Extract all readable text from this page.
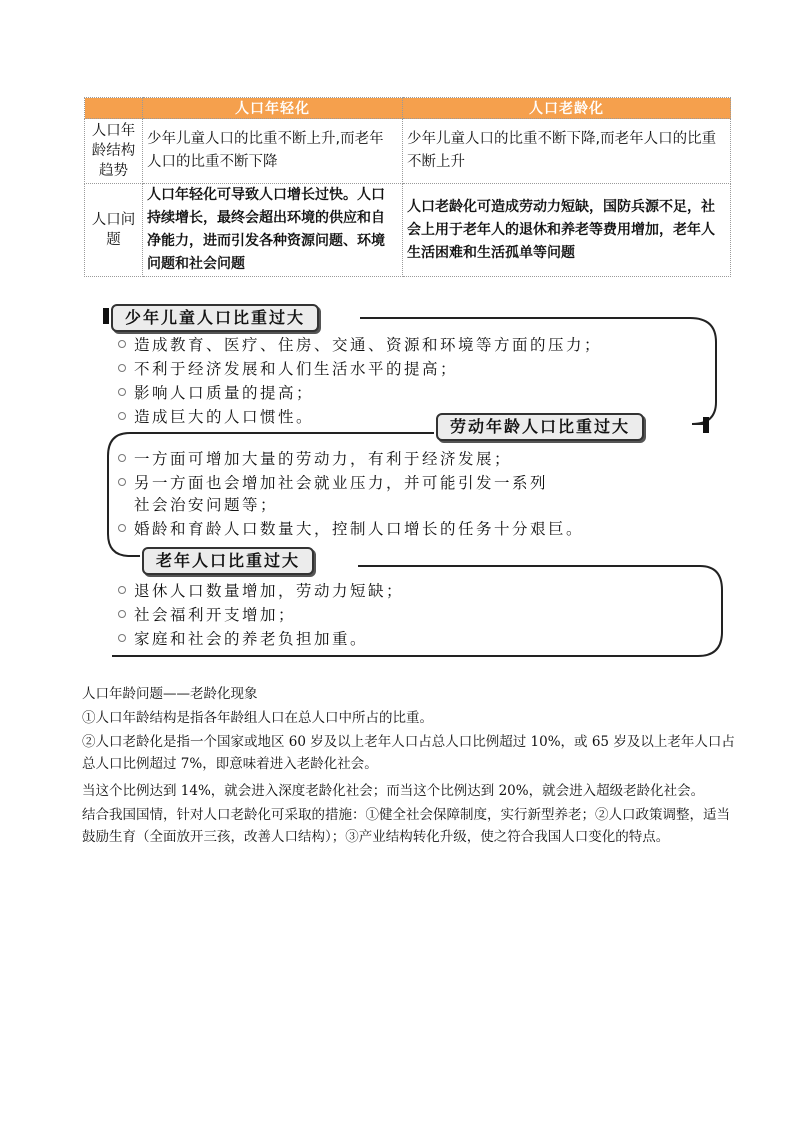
	人口年轻化	人口老龄化
人口年龄结构趋势	少年儿童人口的比重不断上升,而老年人口的比重不断下降	少年儿童人口的比重不断下降,而老年人口的比重不断上升
人口问题	人口年轻化可导致人口增长过快。人口持续增长，最终会超出环境的供应和自净能力，进而引发各种资源问题、环境问题和社会问题	人口老龄化可造成劳动力短缺，国防兵源不足，社会上用于老年人的退休和养老等费用增加，老年人生活困难和生活孤单等问题
少年儿童人口比重过大
劳动年龄人口比重过大
老年人口比重过大
造成教育、医疗、住房、交通、资源和环境等方面的压力；
不利于经济发展和人们生活水平的提高；
影响人口质量的提高；
造成巨大的人口惯性。
一方面可增加大量的劳动力，有利于经济发展；
另一方面也会增加社会就业压力，并可能引发一系列
社会治安问题等；
婚龄和育龄人口数量大，控制人口增长的任务十分艰巨。
退休人口数量增加，劳动力短缺；
社会福利开支增加；
家庭和社会的养老负担加重。
人口年龄问题——老龄化现象
①人口年龄结构是指各年龄组人口在总人口中所占的比重。
②人口老龄化是指一个国家或地区 60 岁及以上老年人口占总人口比例超过 10%，或 65 岁及以上老年人口占总人口比例超过 7%，即意味着进入老龄化社会。
当这个比例达到 14%，就会进入深度老龄化社会；而当这个比例达到 20%，就会进入超级老龄化社会。
结合我国国情，针对人口老龄化可采取的措施：①健全社会保障制度，实行新型养老；②人口政策调整，适当鼓励生育（全面放开三孩，改善人口结构）；③产业结构转化升级，使之符合我国人口变化的特点。
